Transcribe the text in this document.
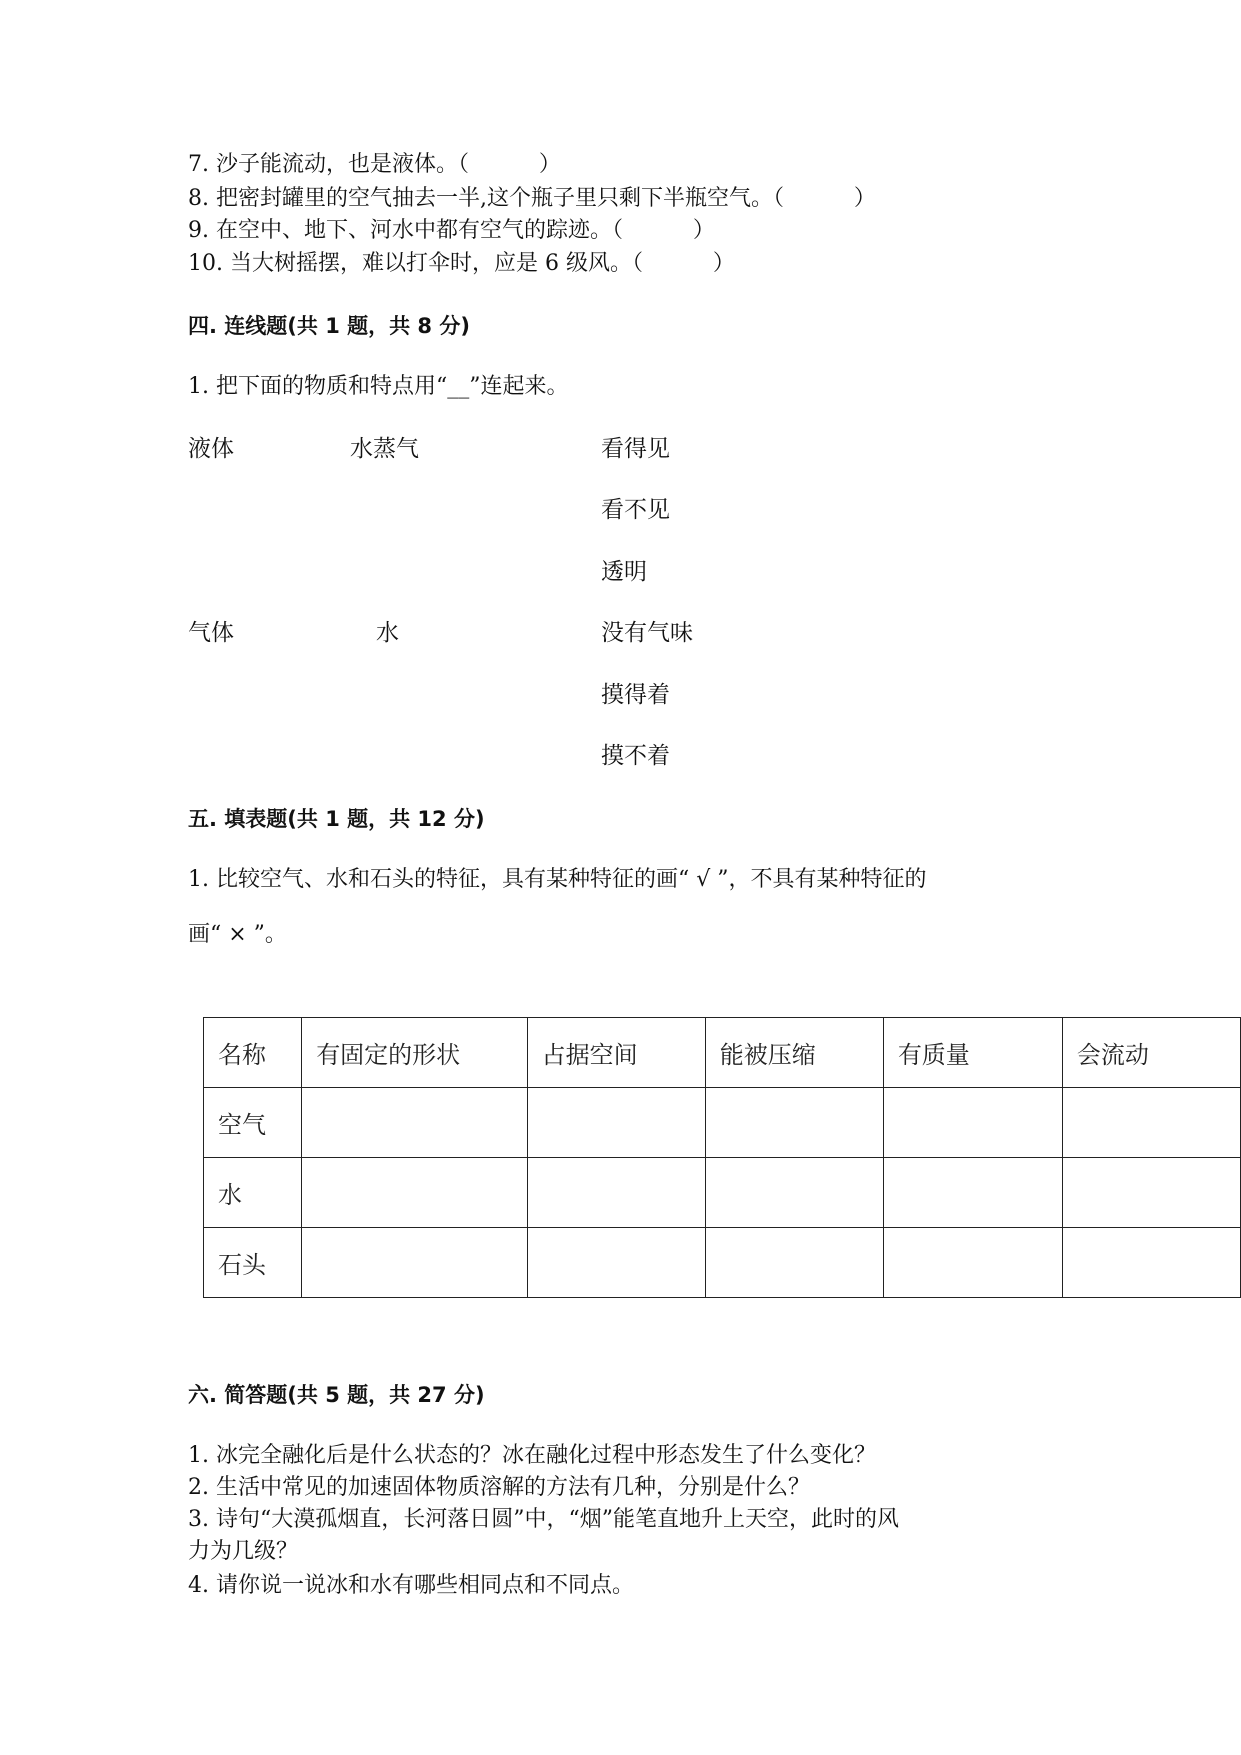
7. 沙子能流动，也是液体。（          ）
8. 把密封罐里的空气抽去一半,这个瓶子里只剩下半瓶空气。（          ）
9. 在空中、地下、河水中都有空气的踪迹。（          ）
10. 当大树摇摆，难以打伞时，应是 6 级风。（          ）
四. 连线题(共 1 题，共 8 分)
1. 把下面的物质和特点用“__”连起来。
液体
气体
水蒸气
水
看得见
看不见
透明
没有气味
摸得着
摸不着
五. 填表题(共 1 题，共 12 分)
1. 比较空气、水和石头的特征，具有某种特征的画“ √ ”，不具有某种特征的
画“ × ”。
名称	有固定的形状	占据空间	能被压缩	有质量	会流动
空气					
水					
石头					
六. 简答题(共 5 题，共 27 分)
1. 冰完全融化后是什么状态的？冰在融化过程中形态发生了什么变化？
2. 生活中常见的加速固体物质溶解的方法有几种，分别是什么？
3. 诗句“大漠孤烟直，长河落日圆”中，“烟”能笔直地升上天空，此时的风
力为几级？
4. 请你说一说冰和水有哪些相同点和不同点。
